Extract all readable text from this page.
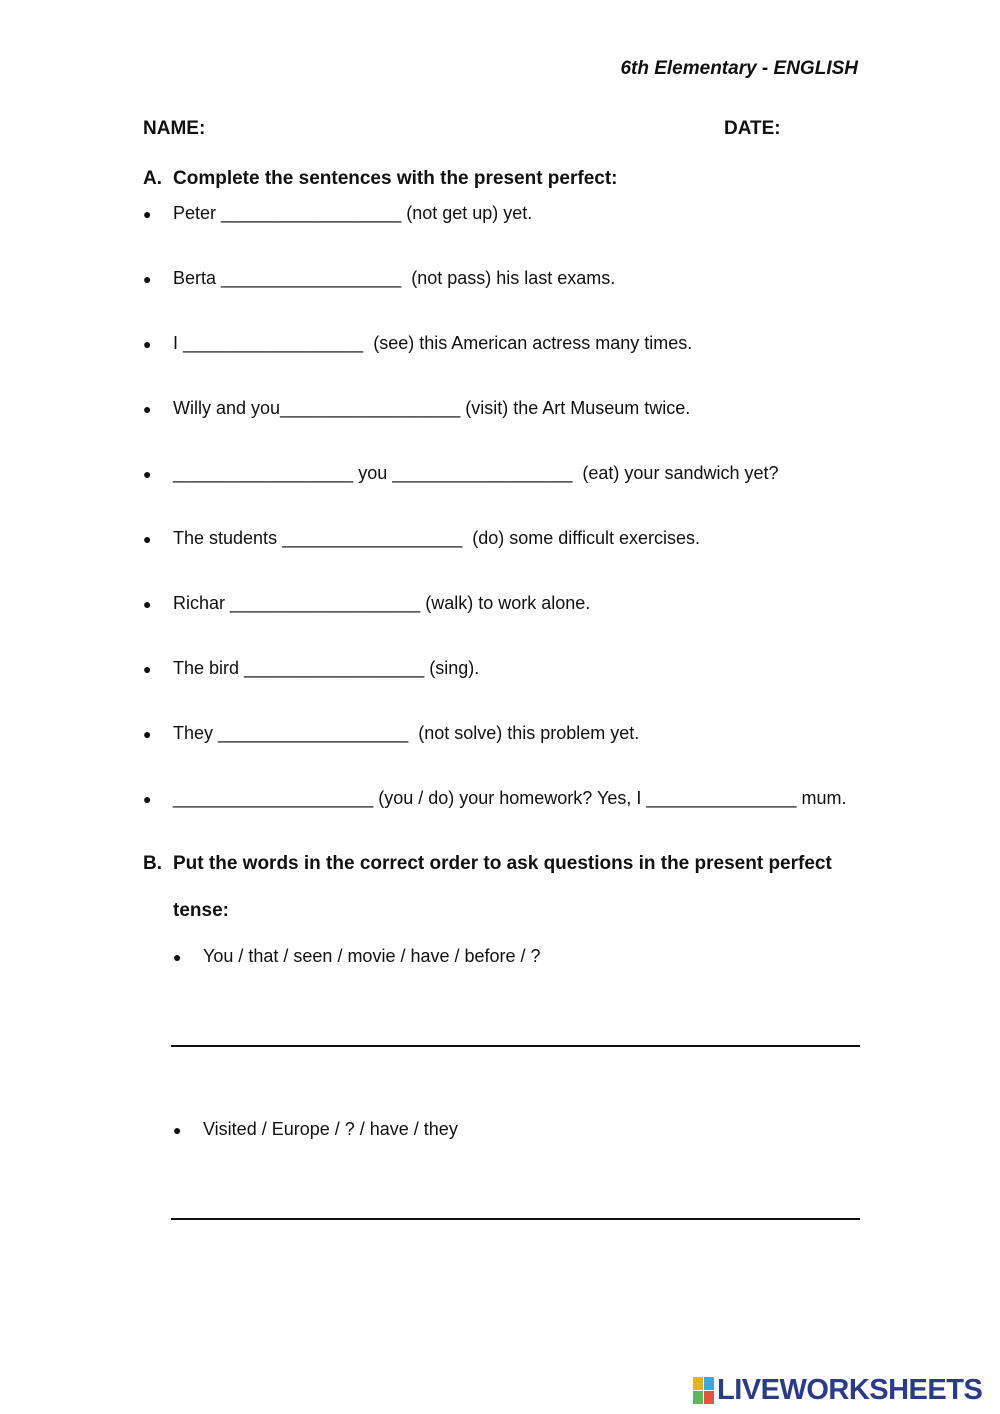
6th Elementary - ENGLISH
NAME:	DATE:
A. Complete the sentences with the present perfect:
● Peter __________________ (not get up) yet.
● Berta __________________  (not pass) his last exams.
● I __________________  (see) this American actress many times.
● Willy and you__________________ (visit) the Art Museum twice.
● __________________ you __________________  (eat) your sandwich yet?
● The students __________________  (do) some difficult exercises.
● Richar ___________________ (walk) to work alone.
● The bird __________________ (sing).
● They ___________________  (not solve) this problem yet.
● ____________________ (you / do) your homework? Yes, I _______________ mum.
B. Put the words in the correct order to ask questions in the present perfect
tense:
● You / that / seen / movie / have / before / ?
● Visited / Europe / ? / have / they
LIVEWORKSHEETS
